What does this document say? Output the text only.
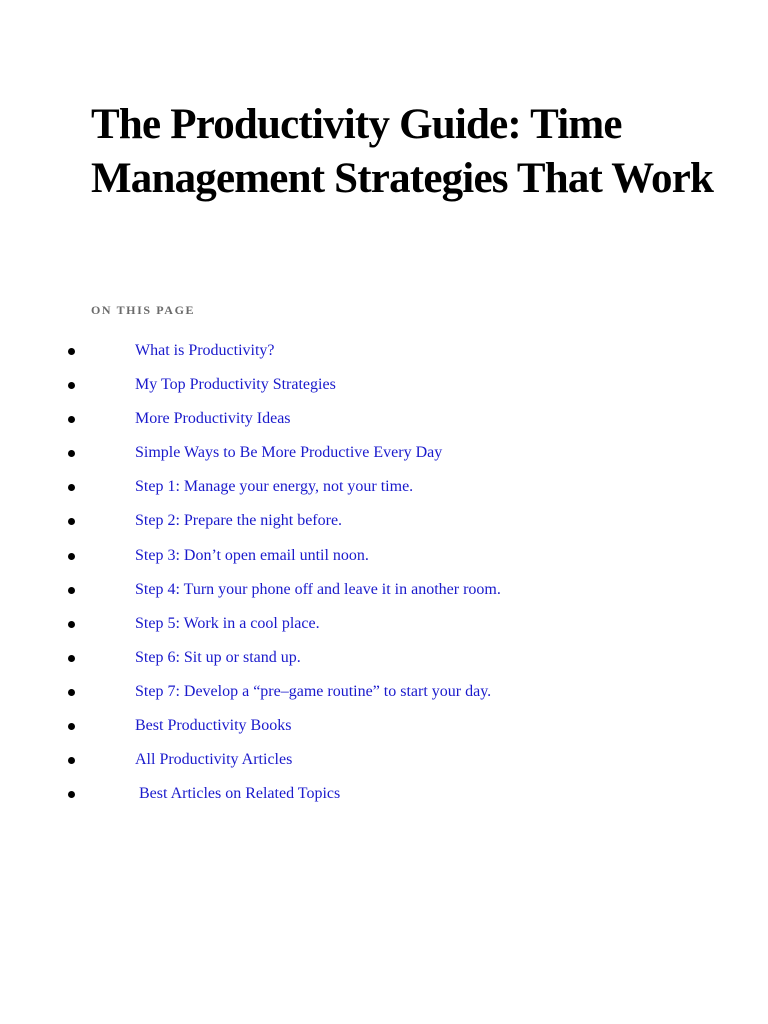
The Productivity Guide: Time Management Strategies That Work

ON THIS PAGE

What is Productivity?
My Top Productivity Strategies
More Productivity Ideas
Simple Ways to Be More Productive Every Day
Step 1: Manage your energy, not your time.
Step 2: Prepare the night before.
Step 3: Don’t open email until noon.
Step 4: Turn your phone off and leave it in another room.
Step 5: Work in a cool place.
Step 6: Sit up or stand up.
Step 7: Develop a “pre–game routine” to start your day.
Best Productivity Books
All Productivity Articles
Best Articles on Related Topics
